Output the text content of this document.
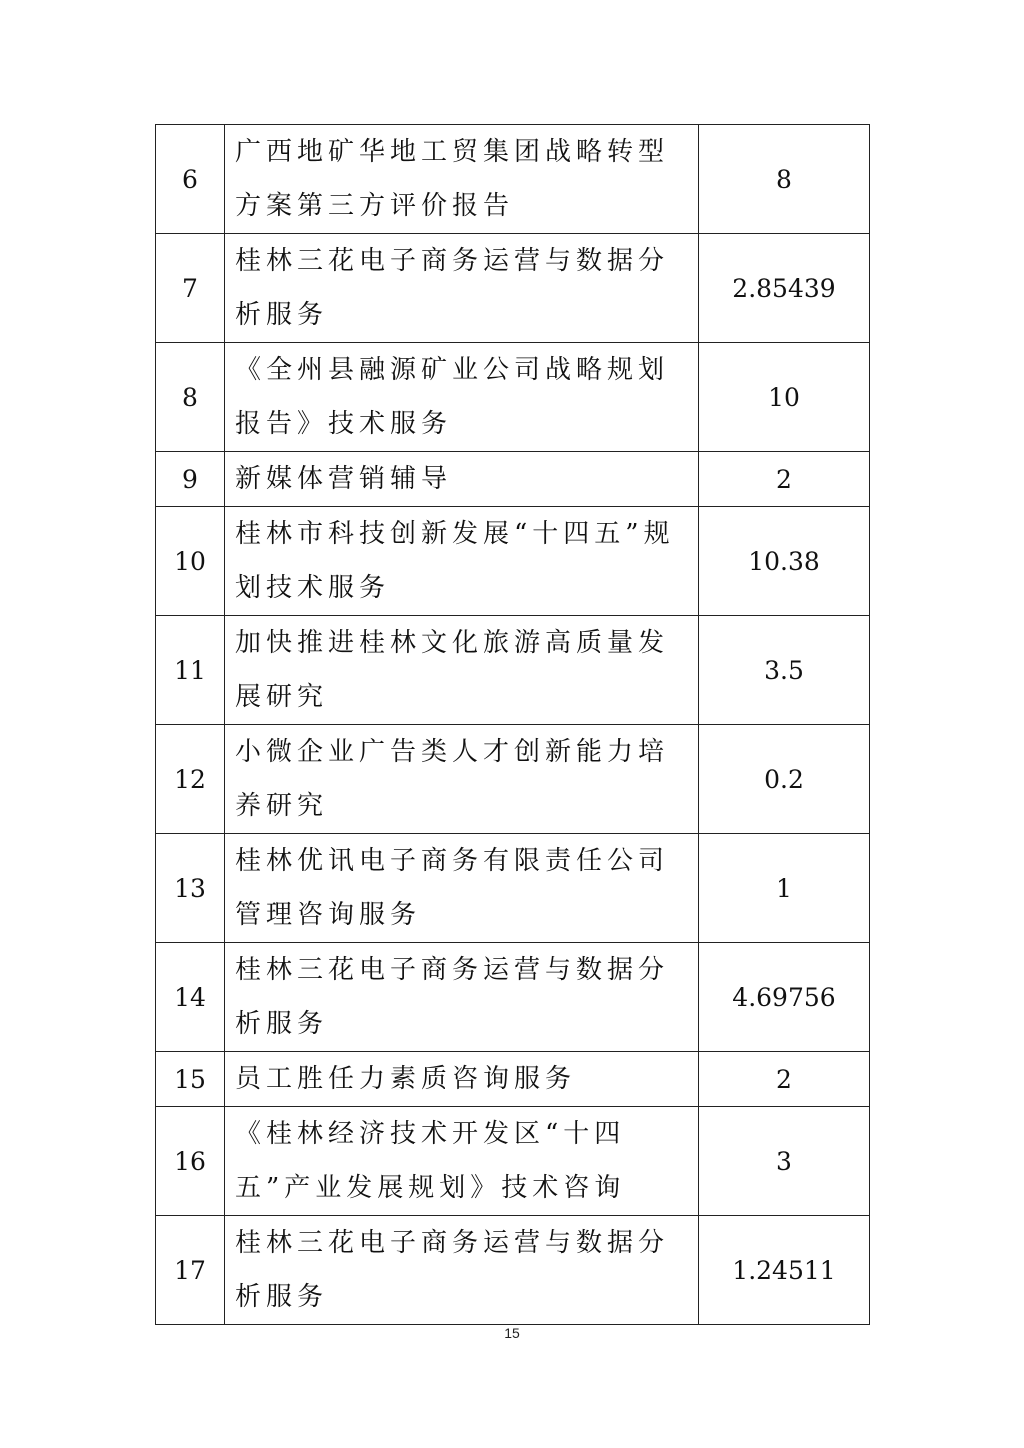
6	广西地矿华地工贸集团战略转型方案第三方评价报告	8
7	桂林三花电子商务运营与数据分析服务	2.85439
8	《全州县融源矿业公司战略规划报告》技术服务	10
9	新媒体营销辅导	2
10	桂林市科技创新发展“十四五”规划技术服务	10.38
11	加快推进桂林文化旅游高质量发展研究	3.5
12	小微企业广告类人才创新能力培养研究	0.2
13	桂林优讯电子商务有限责任公司管理咨询服务	1
14	桂林三花电子商务运营与数据分析服务	4.69756
15	员工胜任力素质咨询服务	2
16	《桂林经济技术开发区“十四五”产业发展规划》技术咨询	3
17	桂林三花电子商务运营与数据分析服务	1.24511
15
